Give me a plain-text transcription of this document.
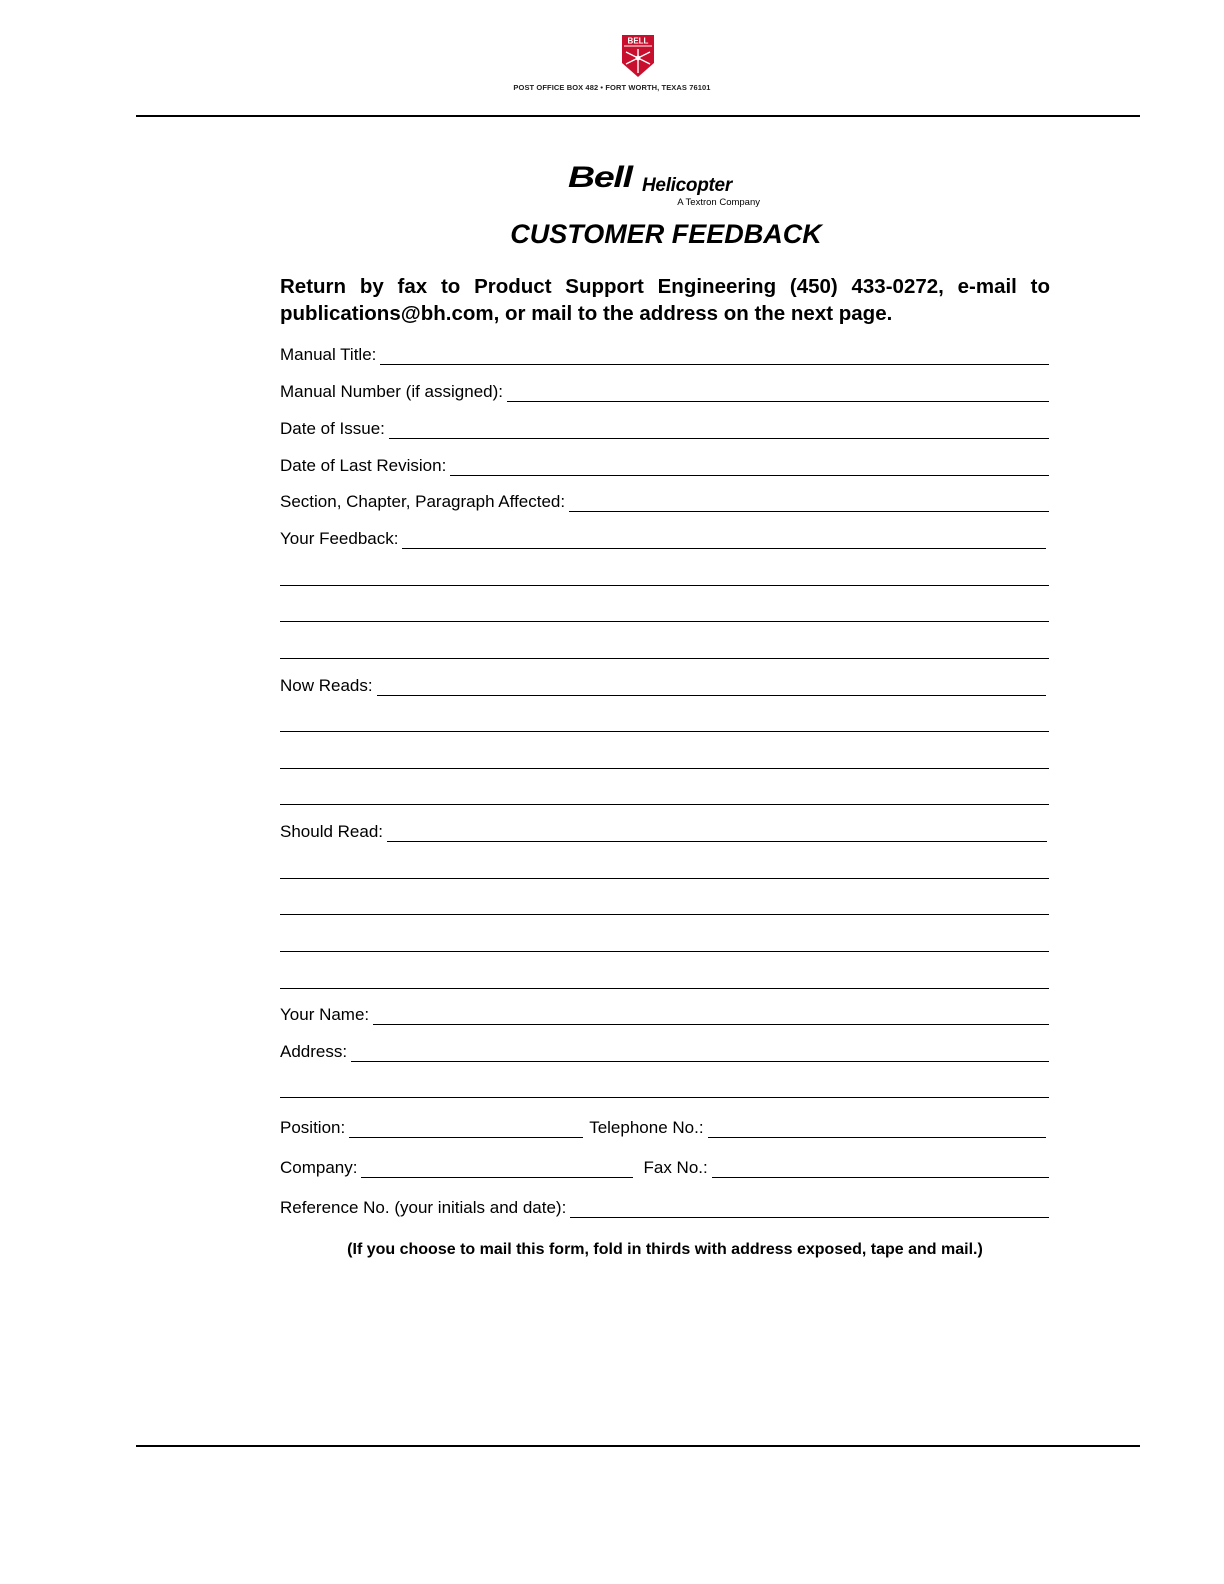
BELL
POST OFFICE BOX 482 • FORT WORTH, TEXAS 76101
Bell Helicopter
A Textron Company
CUSTOMER FEEDBACK
Return by fax to Product Support Engineering (450) 433-0272, e-mail to
publications@bh.com, or mail to the address on the next page.
Manual Title:
Manual Number (if assigned):
Date of Issue:
Date of Last Revision:
Section, Chapter, Paragraph Affected:
Your Feedback:
Now Reads:
Should Read:
Your Name:
Address:
Position:	Telephone No.:
Company:	Fax No.:
Reference No. (your initials and date):
(If you choose to mail this form, fold in thirds with address exposed, tape and mail.)
